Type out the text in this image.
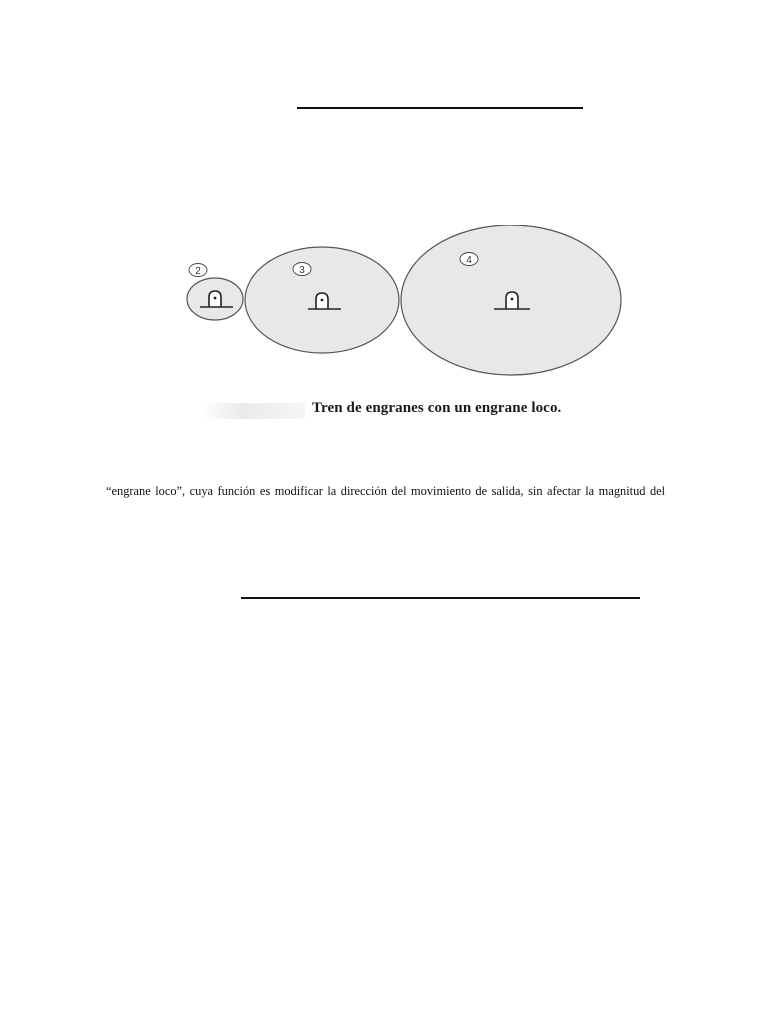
2	3
4
Tren de engranes con un engrane loco.
“engrane loco”, cuya función es modificar la dirección del movimiento de salida, sin afectar la magnitud del
